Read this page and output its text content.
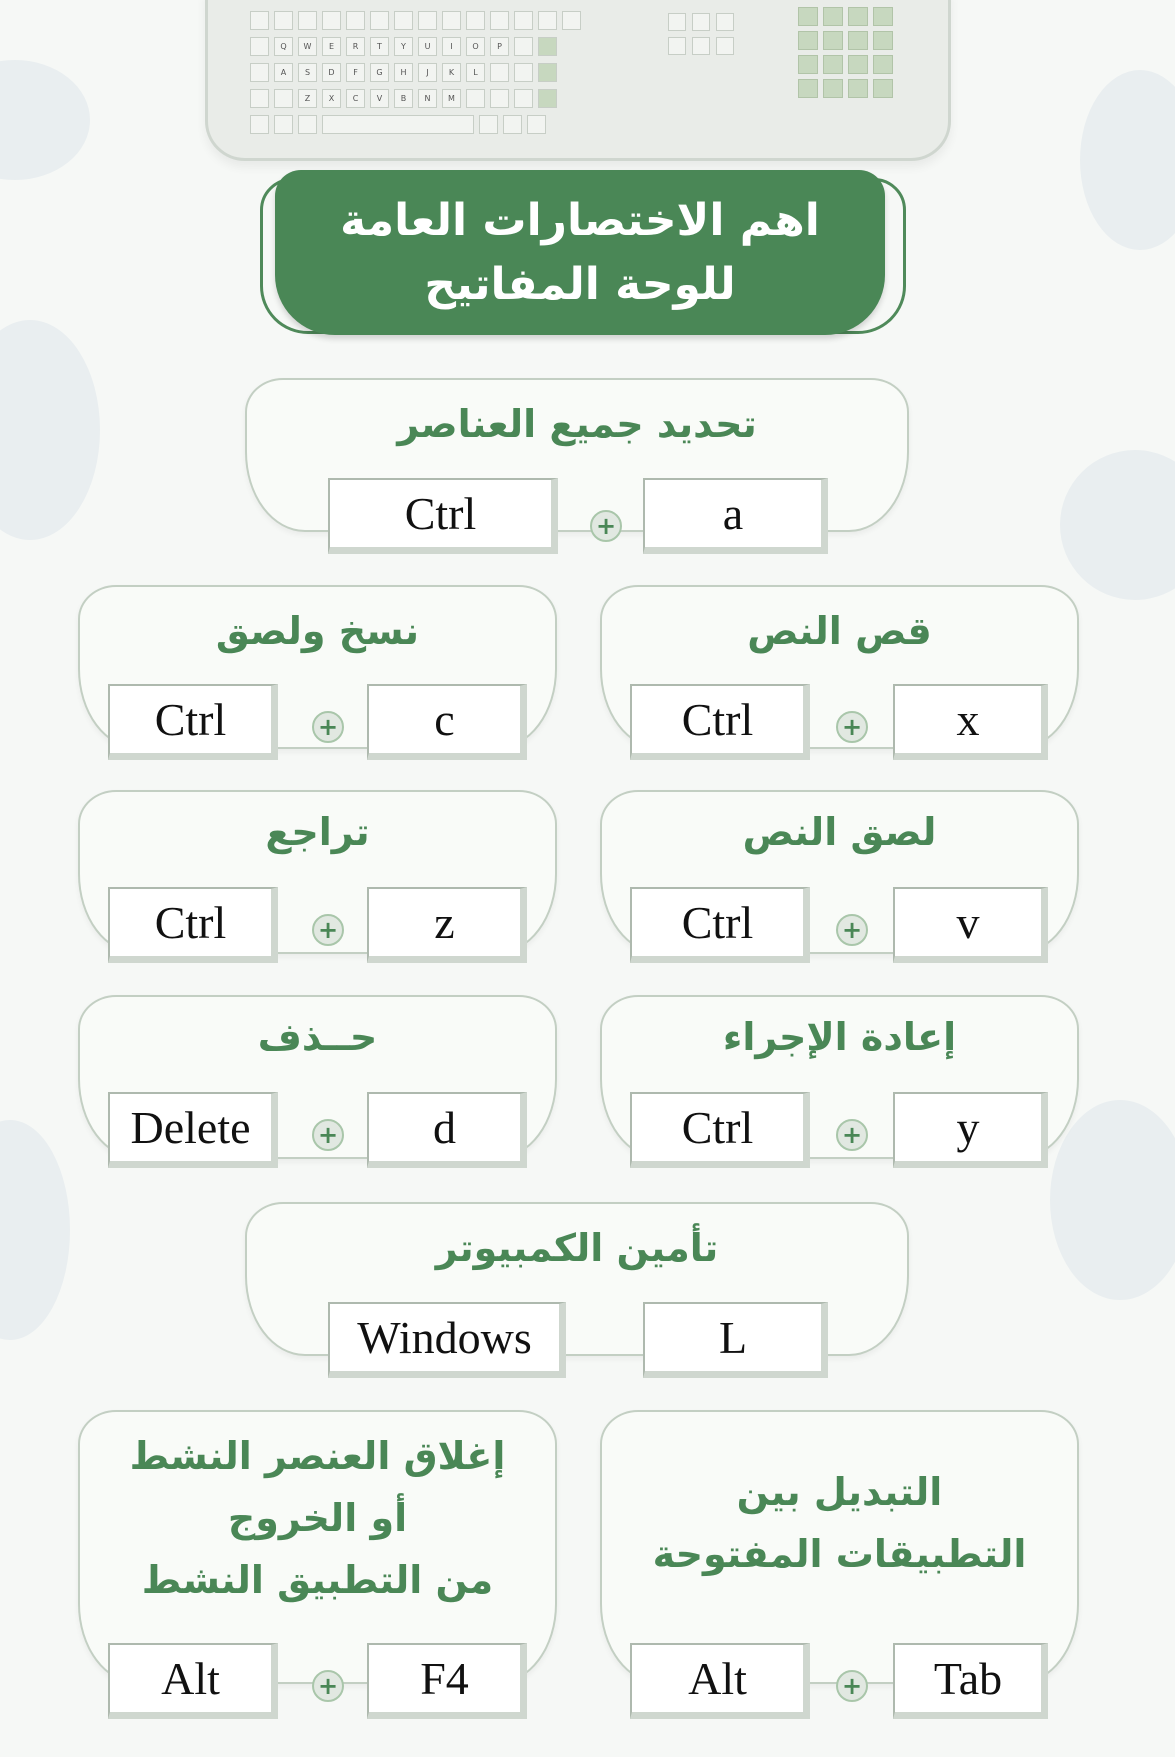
Q	W	E	R	T	Y	U	I	O	P
A	S	D	F	G	H	J	K	L
Z	X	C	V	B	N	M
اهم الاختصارات العامة
للوحة المفاتيح
تحديد جميع العناصر
Ctrl	+	a
نسخ ولصق
Ctrl	+	c
قص النص
Ctrl	+	x
تراجع
Ctrl	+	z
لصق النص
Ctrl	+	v
حــذف
Delete	+	d
إعادة الإجراء
Ctrl	+	y
تأمين الكمبيوتر
Windows	L
إغلاق العنصر النشط
أو الخروج
من التطبيق النشط
Alt	+	F4
التبديل بين
التطبيقات المفتوحة
Alt	+	Tab
